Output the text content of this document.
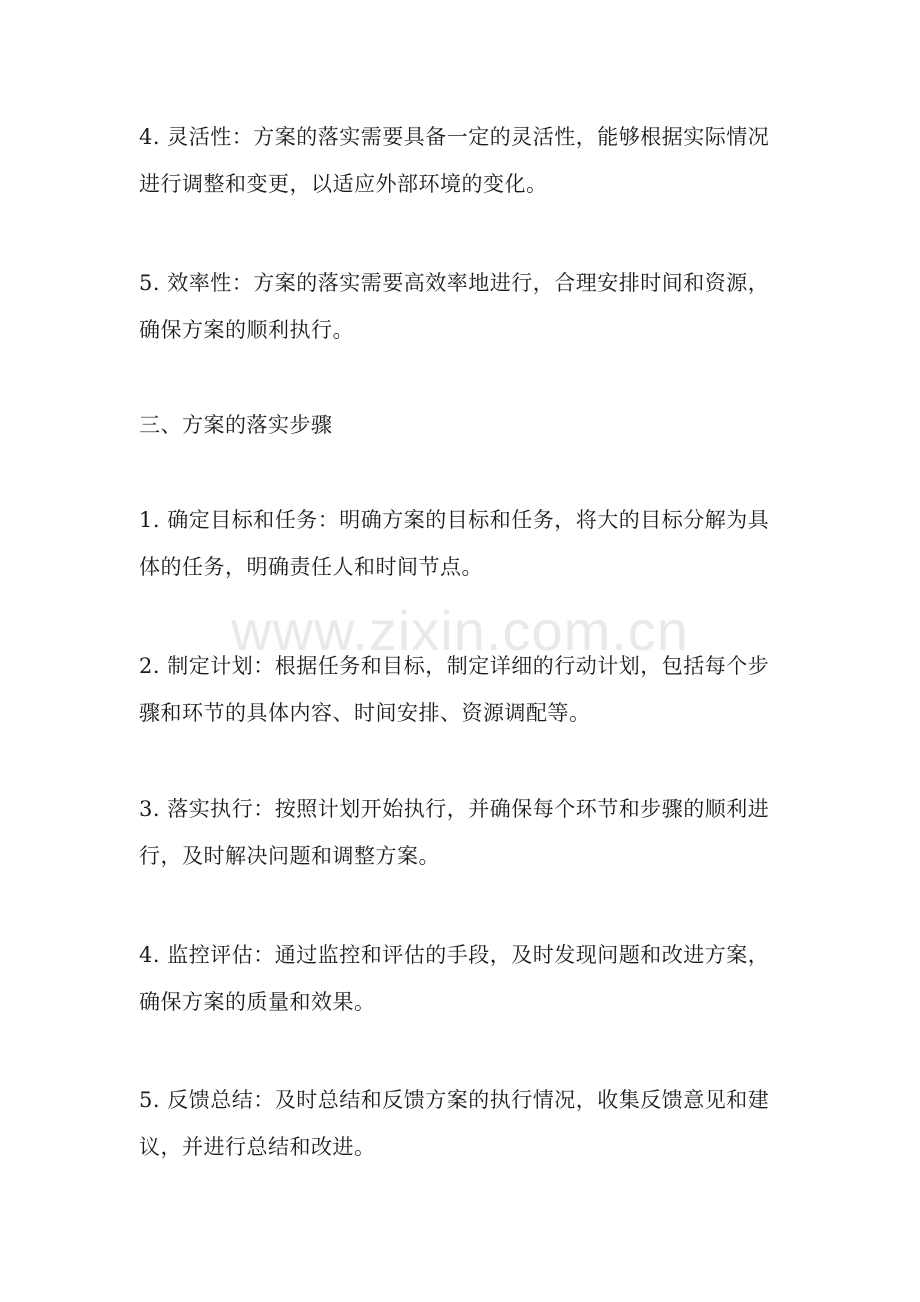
4. 灵活性：方案的落实需要具备一定的灵活性，能够根据实际情况
进行调整和变更，以适应外部环境的变化。

5. 效率性：方案的落实需要高效率地进行，合理安排时间和资源，
确保方案的顺利执行。

三、方案的落实步骤

1. 确定目标和任务：明确方案的目标和任务，将大的目标分解为具
体的任务，明确责任人和时间节点。

2. 制定计划：根据任务和目标，制定详细的行动计划，包括每个步
骤和环节的具体内容、时间安排、资源调配等。

3. 落实执行：按照计划开始执行，并确保每个环节和步骤的顺利进
行，及时解决问题和调整方案。

4. 监控评估：通过监控和评估的手段，及时发现问题和改进方案，
确保方案的质量和效果。

5. 反馈总结：及时总结和反馈方案的执行情况，收集反馈意见和建
议，并进行总结和改进。

www.zixin.com.cn
